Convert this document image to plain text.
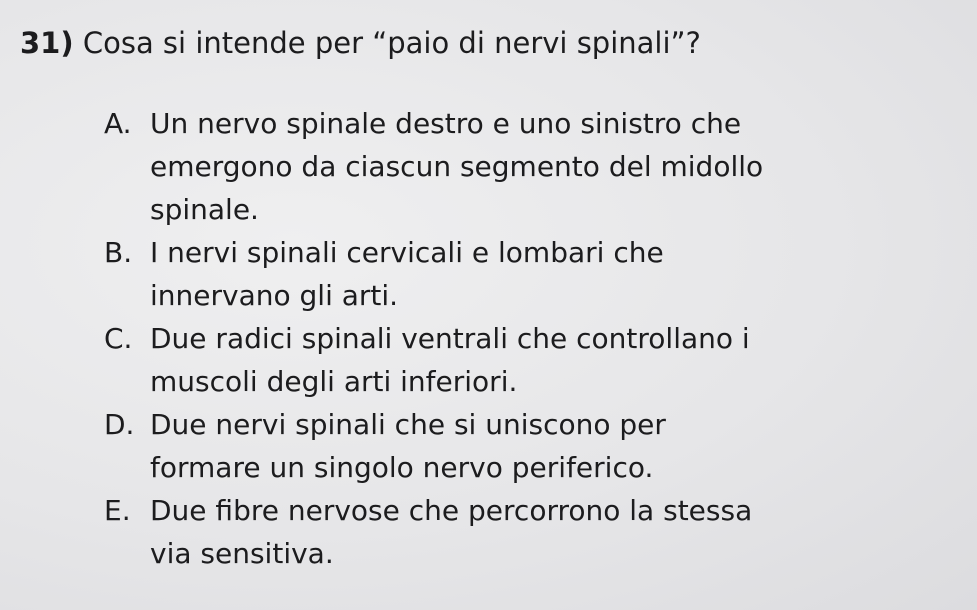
31) Cosa si intende per “paio di nervi spinali”?
A. Un nervo spinale destro e uno sinistro che
emergono da ciascun segmento del midollo
spinale.
B. I nervi spinali cervicali e lombari che
innervano gli arti.
C. Due radici spinali ventrali che controllano i
muscoli degli arti inferiori.
D. Due nervi spinali che si uniscono per
formare un singolo nervo periferico.
E. Due fibre nervose che percorrono la stessa
via sensitiva.
